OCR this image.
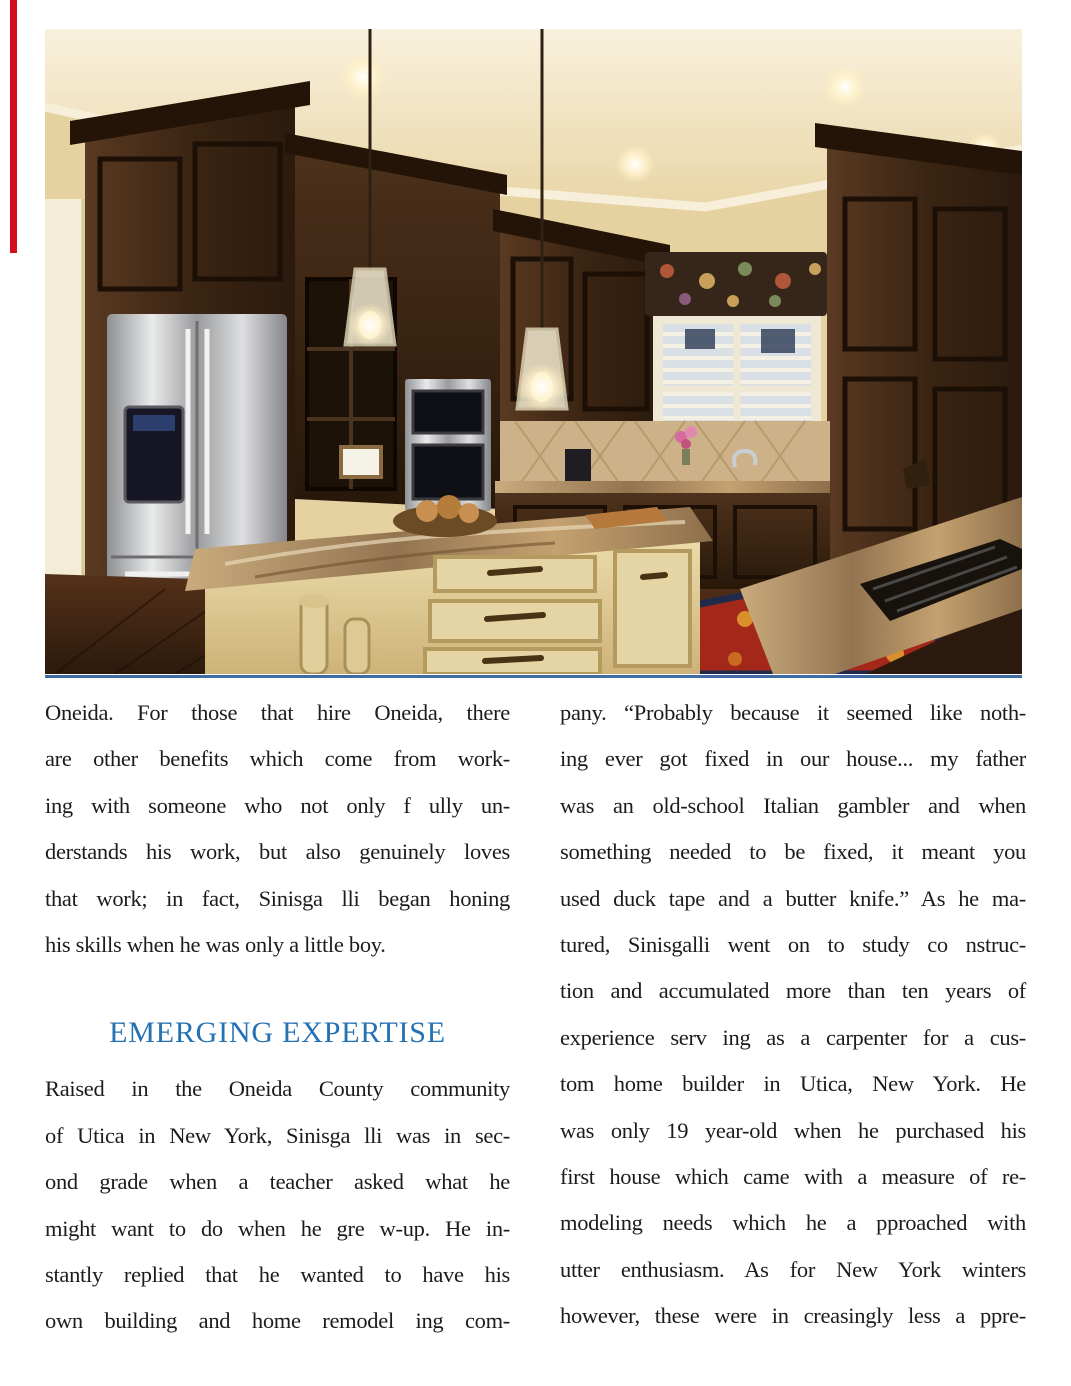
Oneida. For those that hire Oneida, there
are other benefits which come from work-
ing with someone who not only f ully un-
derstands his work, but also genuinely loves
that work; in fact, Sinisga lli began honing
his skills when he was only a little boy.
EMERGING EXPERTISE
Raised in the Oneida County community
of Utica in New York, Sinisga lli was in sec-
ond grade when a teacher asked what he
might want to do when he gre w-up. He in-
stantly replied that he wanted to have his
own building and home remodel ing com-
pany. “Probably because it seemed like noth-
ing ever got fixed in our house... my father
was an old-school Italian gambler and when
something needed to be fixed, it meant you
used duck tape and a butter knife.” As he ma-
tured, Sinisgalli went on to study co nstruc-
tion and accumulated more than ten years of
experience serv ing as a carpenter for a cus-
tom home builder in Utica, New York. He
was only 19 year-old when he purchased his
first house which came with a measure of re-
modeling needs which he a pproached with
utter enthusiasm. As for New York winters
however, these were in creasingly less a ppre-
